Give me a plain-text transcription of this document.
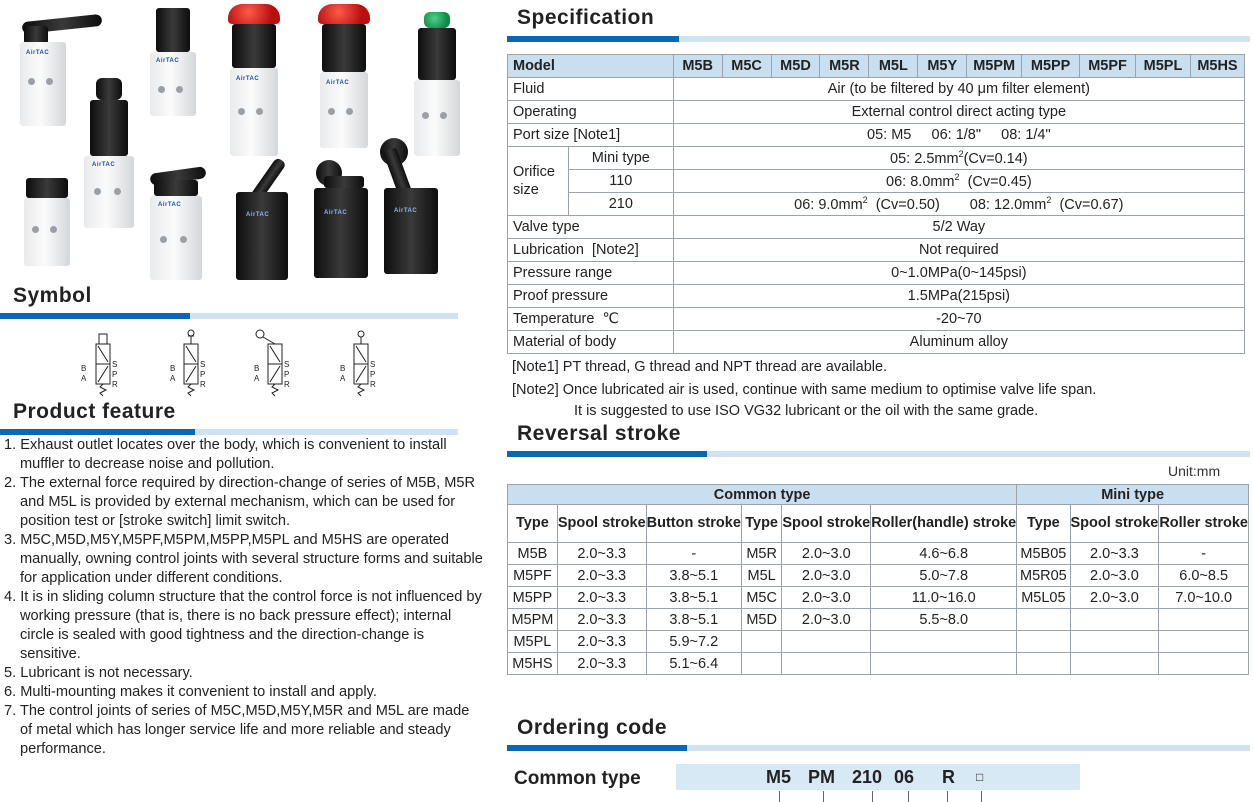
AirTAC
AirTAC
AirTAC
AirTAC
AirTAC
AirTAC
AirTAC	AirTAC	AirTAC
Symbol
B
A
S
P
R
B
A
S
P
R
B
A
S
P
R
B
A
S
P
R
Product feature
1. Exhaust outlet locates over the body, which is convenient to install muffler to decrease noise and pollution.
2. The external force required by direction-change of series of M5B, M5R and M5L is provided by external mechanism, which can be used for position test or [stroke switch] limit switch.
3. M5C,M5D,M5Y,M5PF,M5PM,M5PP,M5PL and M5HS are operated manually, owning control joints with several structure forms and suitable for application under different conditions.
4. It is in sliding column structure that the control force is not influenced by working pressure (that is, there is no back pressure effect); internal circle is sealed with good tightness and the direction-change is sensitive.
5. Lubricant is not necessary.
6. Multi-mounting makes it convenient to install and apply.
7. The control joints of series of M5C,M5D,M5Y,M5R and M5L are made of metal which has longer service life and more reliable and steady performance.
Specification
Model		M5B	M5C	M5D	M5R	M5L	M5Y	M5PM	M5PP	M5PF	M5PL	M5HS
Fluid		Air (to be filtered by 40 μm filter element)										
Operating		External control direct acting type										
Port size [Note1]		05: M5     06: 1/8"     08: 1/4"										
Orifice
size	Mini type	05: $2.5mm^2(Cv=0.14)$										
	110	06: $8.0mm^2$  (Cv=0.45)										
	210	06: $9.0mm^2$  (Cv=0.50) 08: $12.0mm^2$  (Cv=0.67)										
Valve type		5/2 Way										
Lubrication  [Note2]		Not required										
Pressure range		0~1.0MPa(0~145psi)										
Proof pressure		1.5MPa(215psi)										
Temperature  ℃		-20~70										
Material of body		Aluminum alloy										
[Note1] PT thread, G thread and NPT thread are available.
[Note2] Once lubricated air is used, continue with same medium to optimise valve life span.
It is suggested to use ISO VG32 lubricant or the oil with the same grade.
Reversal stroke
Unit:mm
Common type						Mini type		
Type	Spool stroke	Button stroke	Type	Spool stroke	Roller(handle) stroke	Type	Spool stroke	Roller stroke
M5B	2.0~3.3	-	M5R	2.0~3.0	4.6~6.8	M5B05	2.0~3.3	-
M5PF	2.0~3.3	3.8~5.1	M5L	2.0~3.0	5.0~7.8	M5R05	2.0~3.0	6.0~8.5
M5PP	2.0~3.3	3.8~5.1	M5C	2.0~3.0	11.0~16.0	M5L05	2.0~3.0	7.0~10.0
M5PM	2.0~3.3	3.8~5.1	M5D	2.0~3.0	5.5~8.0			
M5PL	2.0~3.3	5.9~7.2						
M5HS	2.0~3.3	5.1~6.4						
Ordering code
Common type	M5 PM 210 06 R □
